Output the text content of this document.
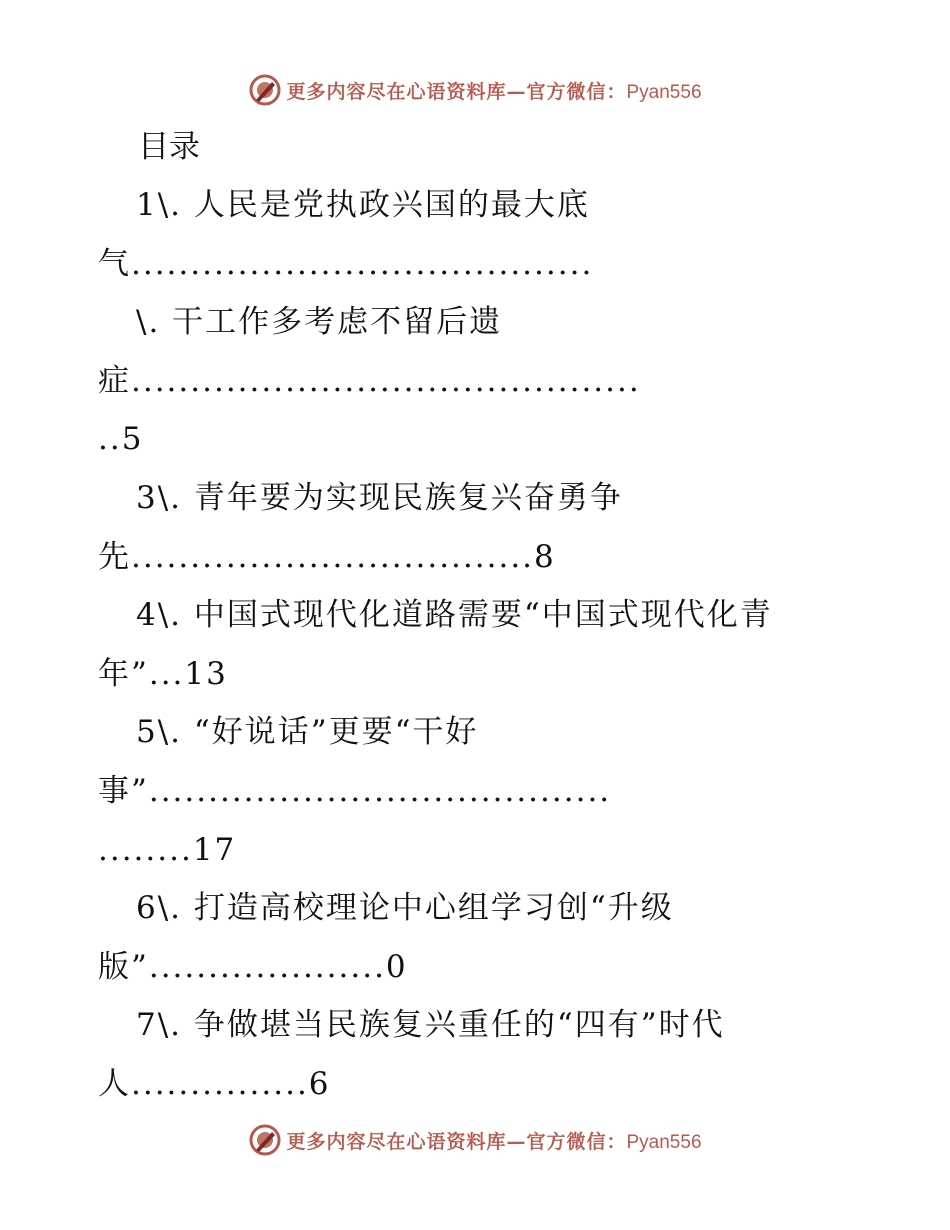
更多内容尽在心语资料库—官方微信：Pyan556
目录
1\. 人民是党执政兴国的最大底
气.......................................
\. 干工作多考虑不留后遗
症...........................................
..5
3\. 青年要为实现民族复兴奋勇争
先..................................8
4\. 中国式现代化道路需要“中国式现代化青
年”...13
5\. “好说话”更要“干好
事”.......................................
........17
6\. 打造高校理论中心组学习创“升级
版”....................0
7\. 争做堪当民族复兴重任的“四有”时代
人...............6
更多内容尽在心语资料库—官方微信：Pyan556
